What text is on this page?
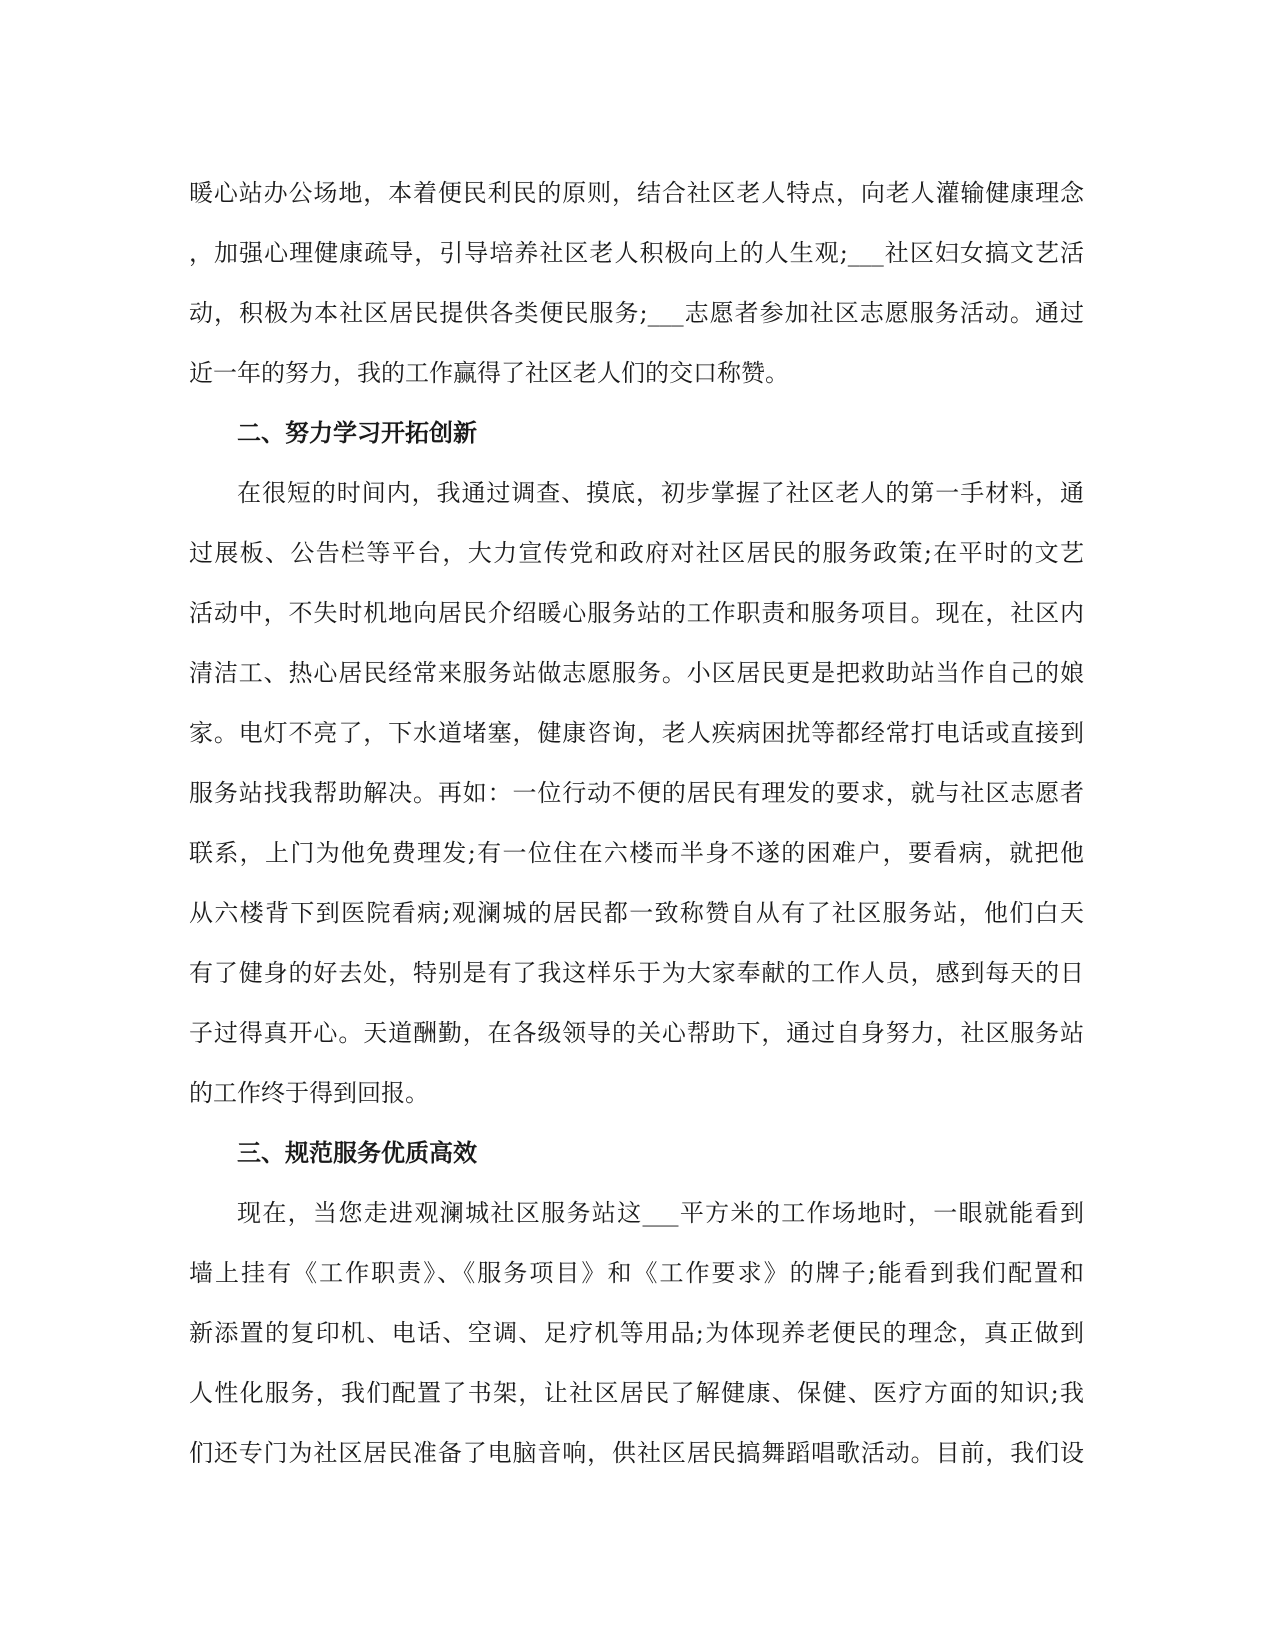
暖心站办公场地，本着便民利民的原则，结合社区老人特点，向老人灌输健康理念
，加强心理健康疏导，引导培养社区老人积极向上的人生观;___社区妇女搞文艺活
动，积极为本社区居民提供各类便民服务;___志愿者参加社区志愿服务活动。通过
近一年的努力，我的工作赢得了社区老人们的交口称赞。
二、努力学习开拓创新
在很短的时间内，我通过调查、摸底，初步掌握了社区老人的第一手材料，通
过展板、公告栏等平台，大力宣传党和政府对社区居民的服务政策;在平时的文艺
活动中，不失时机地向居民介绍暖心服务站的工作职责和服务项目。现在，社区内
清洁工、热心居民经常来服务站做志愿服务。小区居民更是把救助站当作自己的娘
家。电灯不亮了，下水道堵塞，健康咨询，老人疾病困扰等都经常打电话或直接到
服务站找我帮助解决。再如：一位行动不便的居民有理发的要求，就与社区志愿者
联系，上门为他免费理发;有一位住在六楼而半身不遂的困难户，要看病，就把他
从六楼背下到医院看病;观澜城的居民都一致称赞自从有了社区服务站，他们白天
有了健身的好去处，特别是有了我这样乐于为大家奉献的工作人员，感到每天的日
子过得真开心。天道酬勤，在各级领导的关心帮助下，通过自身努力，社区服务站
的工作终于得到回报。
三、规范服务优质高效
现在，当您走进观澜城社区服务站这___平方米的工作场地时，一眼就能看到
墙上挂有《工作职责》、《服务项目》和《工作要求》的牌子;能看到我们配置和
新添置的复印机、电话、空调、足疗机等用品;为体现养老便民的理念，真正做到
人性化服务，我们配置了书架，让社区居民了解健康、保健、医疗方面的知识;我
们还专门为社区居民准备了电脑音响，供社区居民搞舞蹈唱歌活动。目前，我们设
